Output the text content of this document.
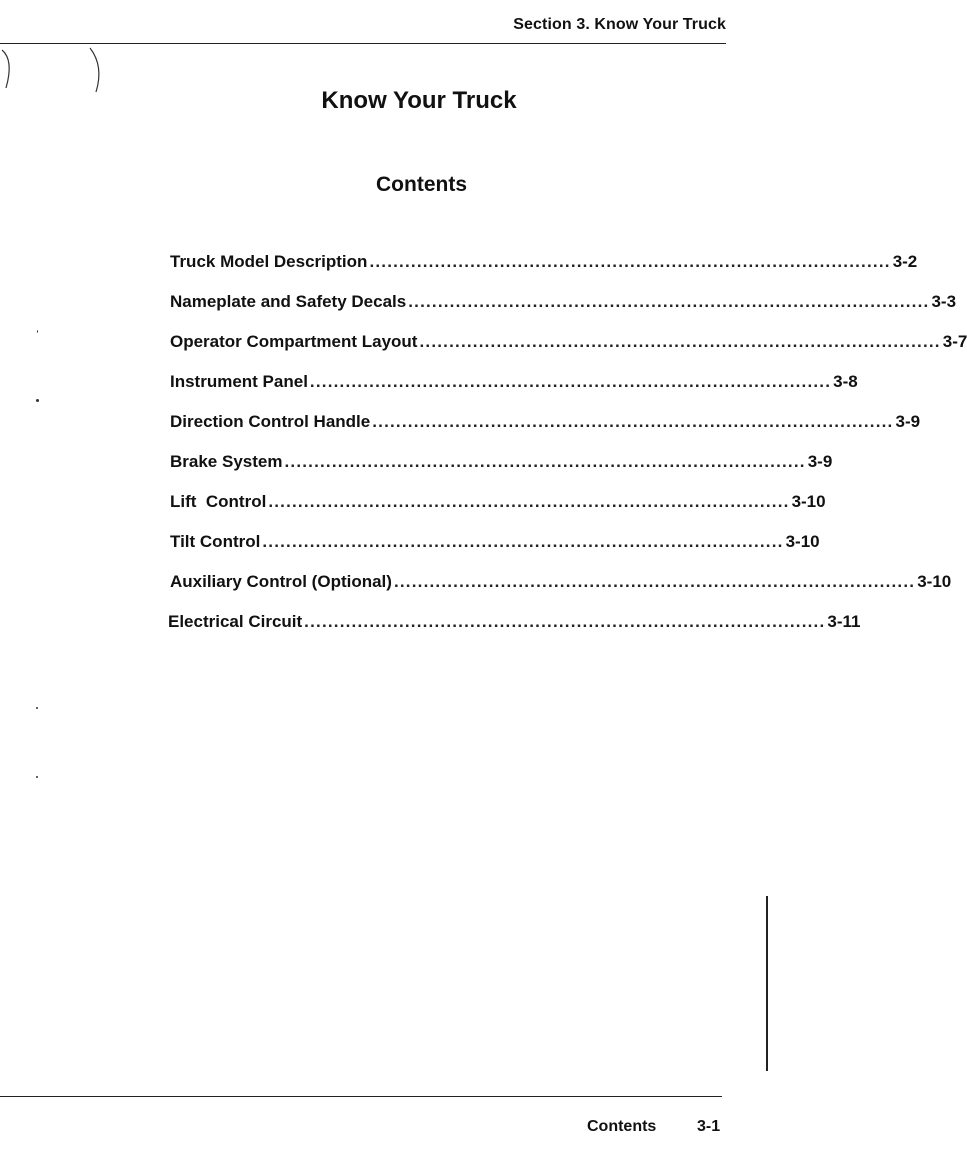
Section 3. Know Your Truck
Know Your Truck
Contents
Truck Model Description ........................................................................................ 3-2
Nameplate and Safety Decals ........................................................................................ 3-3
Operator Compartment Layout ........................................................................................ 3-7
Instrument Panel ........................................................................................ 3-8
Direction Control Handle ........................................................................................ 3-9
Brake System ........................................................................................ 3-9
Lift  Control ........................................................................................ 3-10
Tilt Control ........................................................................................ 3-10
Auxiliary Control (Optional) ........................................................................................ 3-10
Electrical Circuit ........................................................................................ 3-11
Contents	3-1
